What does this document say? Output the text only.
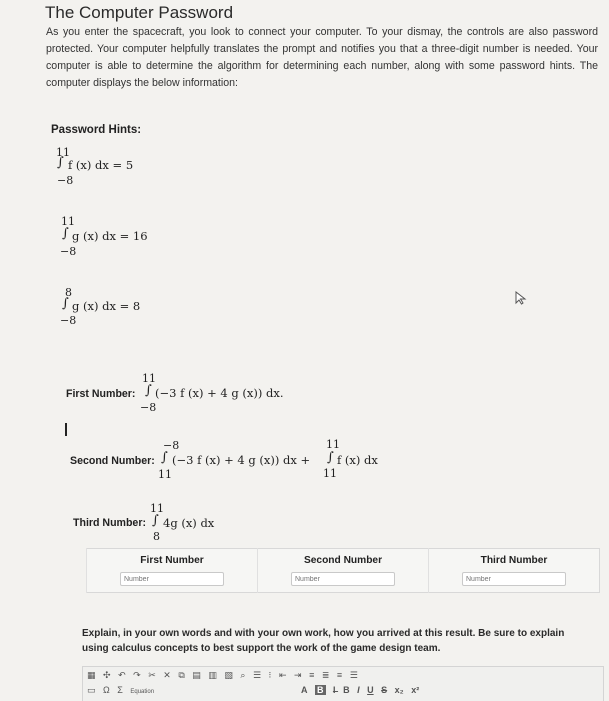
The Computer Password

As you enter the spacecraft, you look to connect your computer. To your dismay, the controls are also password protected. Your computer helpfully translates the prompt and notifies you that a three-digit number is needed. Your computer is able to determine the algorithm for determining each number, along with some password hints. The computer displays the below information:

Password Hints:
11
∫ f (x) dx = 5
−8
11
∫ g (x) dx = 16
−8
8
∫ g (x) dx = 8
−8
First Number:
11
∫ (−3 f (x) + 4 g (x)) dx.
−8
Second Number:
−8
∫ (−3 f (x) + 4 g (x)) dx +
11
11
∫ f (x) dx
11
Third Number:
11
∫ 4g (x) dx
8
First Number	Second Number	Third Number
Number	Number	Number

Explain, in your own words and with your own work, how you arrived at this result. Be sure to explain using calculus concepts to best support the work of the game design team.

▦ ✣ ↶ ↷ ✂ ✕ ⧉ ▤ ▥ ▧ ⌕ ☰ ⁝ ⇤ ⇥ ≡ ≣ ≡ ☰
▭ Ω Σ Equation	A B I̶ B I U S x₂ x²
